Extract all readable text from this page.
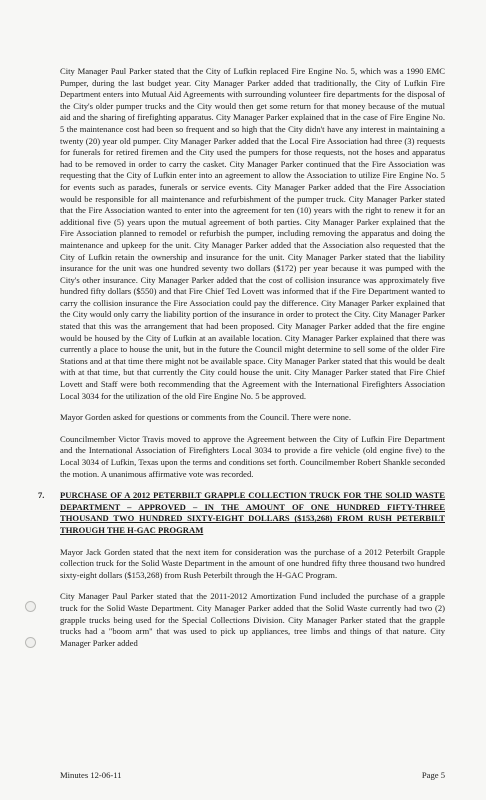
City Manager Paul Parker stated that the City of Lufkin replaced Fire Engine No. 5, which was a 1990 EMC Pumper, during the last budget year. City Manager Parker added that traditionally, the City of Lufkin Fire Department enters into Mutual Aid Agreements with surrounding volunteer fire departments for the disposal of the City's older pumper trucks and the City would then get some return for that money because of the mutual aid and the sharing of firefighting apparatus. City Manager Parker explained that in the case of Fire Engine No. 5 the maintenance cost had been so frequent and so high that the City didn't have any interest in maintaining a twenty (20) year old pumper. City Manager Parker added that the Local Fire Association had three (3) requests for funerals for retired firemen and the City used the pumpers for those requests, not the hoses and apparatus had to be removed in order to carry the casket. City Manager Parker continued that the Fire Association was requesting that the City of Lufkin enter into an agreement to allow the Association to utilize Fire Engine No. 5 for events such as parades, funerals or service events. City Manager Parker added that the Fire Association would be responsible for all maintenance and refurbishment of the pumper truck. City Manager Parker stated that the Fire Association wanted to enter into the agreement for ten (10) years with the right to renew it for an additional five (5) years upon the mutual agreement of both parties. City Manager Parker explained that the Fire Association planned to remodel or refurbish the pumper, including removing the apparatus and doing the maintenance and upkeep for the unit. City Manager Parker added that the Association also requested that the City of Lufkin retain the ownership and insurance for the unit. City Manager Parker stated that the liability insurance for the unit was one hundred seventy two dollars ($172) per year because it was pumped with the City's other insurance. City Manager Parker added that the cost of collision insurance was approximately five hundred fifty dollars ($550) and that Fire Chief Ted Lovett was informed that if the Fire Department wanted to carry the collision insurance the Fire Association could pay the difference. City Manager Parker explained that the City would only carry the liability portion of the insurance in order to protect the City. City Manager Parker stated that this was the arrangement that had been proposed. City Manager Parker added that the fire engine would be housed by the City of Lufkin at an available location. City Manager Parker explained that there was currently a place to house the unit, but in the future the Council might determine to sell some of the older Fire Stations and at that time there might not be available space. City Manager Parker stated that this would be dealt with at that time, but that currently the City could house the unit. City Manager Parker stated that Fire Chief Lovett and Staff were both recommending that the Agreement with the International Firefighters Association Local 3034 for the utilization of the old Fire Engine No. 5 be approved.

Mayor Gorden asked for questions or comments from the Council. There were none.

Councilmember Victor Travis moved to approve the Agreement between the City of Lufkin Fire Department and the International Association of Firefighters Local 3034 to provide a fire vehicle (old engine five) to the Local 3034 of Lufkin, Texas upon the terms and conditions set forth. Councilmember Robert Shankle seconded the motion. A unanimous affirmative vote was recorded.

7.	PURCHASE OF A 2012 PETERBILT GRAPPLE COLLECTION TRUCK FOR THE SOLID WASTE DEPARTMENT – APPROVED – IN THE AMOUNT OF ONE HUNDRED FIFTY-THREE THOUSAND TWO HUNDRED SIXTY-EIGHT DOLLARS ($153,268) FROM RUSH PETERBILT THROUGH THE H-GAC PROGRAM

Mayor Jack Gorden stated that the next item for consideration was the purchase of a 2012 Peterbilt Grapple collection truck for the Solid Waste Department in the amount of one hundred fifty three thousand two hundred sixty-eight dollars ($153,268) from Rush Peterbilt through the H-GAC Program.

City Manager Paul Parker stated that the 2011-2012 Amortization Fund included the purchase of a grapple truck for the Solid Waste Department. City Manager Parker added that the Solid Waste currently had two (2) grapple trucks being used for the Special Collections Division. City Manager Parker stated that the grapple trucks had a "boom arm" that was used to pick up appliances, tree limbs and things of that nature. City Manager Parker added

Minutes 12-06-11	Page 5
